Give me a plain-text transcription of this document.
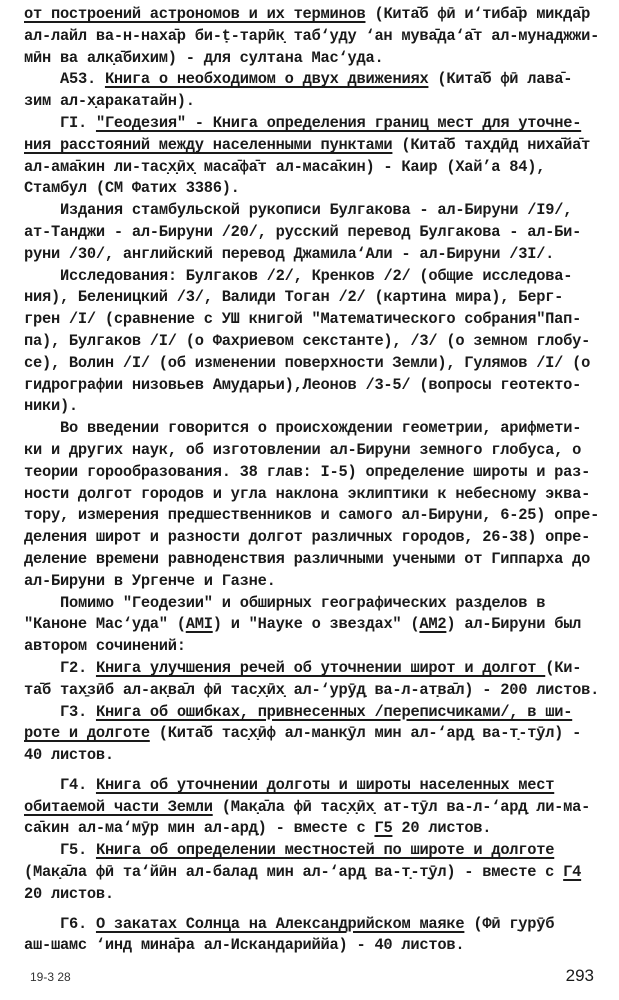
от построений астрономов и их терминов (Кита̄б фӣ и‘тиба̄р микда̄р
ал-лайл ва-н-наха̄р би-ṭ-тарӣк̣ таб‘уду ‘ан мува̄да‘а̄т ал-мунаджжи-
мӣн ва алк̣а̄бихим) - для султана Мас‘уда.
А53. Книга о необходимом о двух движениях (Кита̄б фӣ лава̄-
зим ал-х̣аракатайн).
ГI. "Геодезия" - Книга определения границ мест для уточне-
ния расстояний между населенными пунктами (Кита̄б тах̣дӣд ниха̄йа̄т
ал-ама̄кин ли-тас̣х̣ӣх̣ маса̄фа̄т ал-маса̄кин) - Каир (Хай’а 84),
Стамбул (СМ Фатих 3386).
Издания стамбульской рукописи Булгакова - ал-Бируни /I9/,
ат-Танджи - ал-Бируни /20/, русский перевод Булгакова - ал-Би-
руни /30/, английский перевод Джамила‘Али - ал-Бируни /3I/.
Исследования: Булгаков /2/, Кренков /2/ (общие исследова-
ния), Беленицкий /3/, Валиди Тоган /2/ (картина мира), Берг-
грен /I/ (сравнение с УШ книгой "Математического собрания"Пап-
па), Булгаков /I/ (о Фахриевом секстанте), /3/ (о земном глобу-
се), Волин /I/ (об изменении поверхности Земли), Гулямов /I/ (о
гидрографии низовьев Амударьи),Леонов /3-5/ (вопросы геотекто-
ники).
Во введении говорится о происхождении геометрии, арифмети-
ки и других наук, об изготовлении ал-Бируни земного глобуса, о
теории горообразования. 38 глав: I-5) определение широты и раз-
ности долгот городов и угла наклона эклиптики к небесному эква-
тору, измерения предшественников и самого ал-Бируни, 6-25) опре-
деления широт и разности долгот различных городов, 26-38) опре-
деление времени равноденствия различными учеными от Гиппарха до
ал-Бируни в Ургенче и Газне.
Помимо "Геодезии" и обширных географических разделов в
"Каноне Мас‘уда" (АМI) и "Науке о звездах" (АМ2) ал-Бируни был
автором сочинений:
Г2. Книга улучшения речей об уточнении широт и долгот (Ки-
та̄б тах̱зӣб ал-ак̣ва̄л фӣ тас̣х̣ӣх̣ ал-‘урӯд̣ ва-л-ат̣ва̄л) - 200 листов.
Г3. Книга об ошибках, привнесенных /переписчиками/, в ши-
роте и долготе (Кита̄б тас̣х̣ӣф ал-манк̣ӯл мин ал-‘ард̣ ва-т̣-т̣ӯл) -
40 листов.
Г4. Книга об уточнении долготы и широты населенных мест
обитаемой части Земли (Мак̣а̄ла фӣ тас̣х̣ӣх̣ ат-т̣ӯл ва-л-‘ард̣ ли-ма-
са̄кин ал-ма‘мӯр мин ал-ард̣) - вместе с Г5 20 листов.
Г5. Книга об определении местностей по широте и долготе
(Мак̣а̄ла фӣ та‘йӣн ал-балад мин ал-‘ард̣ ва-т̣-т̣ӯл) - вместе с Г4
20 листов.
Г6. О закатах Солнца на Александрийском маяке (Фӣ г̣урӯб
аш-шамс ‘инд мина̄ра ал-Искандариййа) - 40 листов.
19-3 28	293
